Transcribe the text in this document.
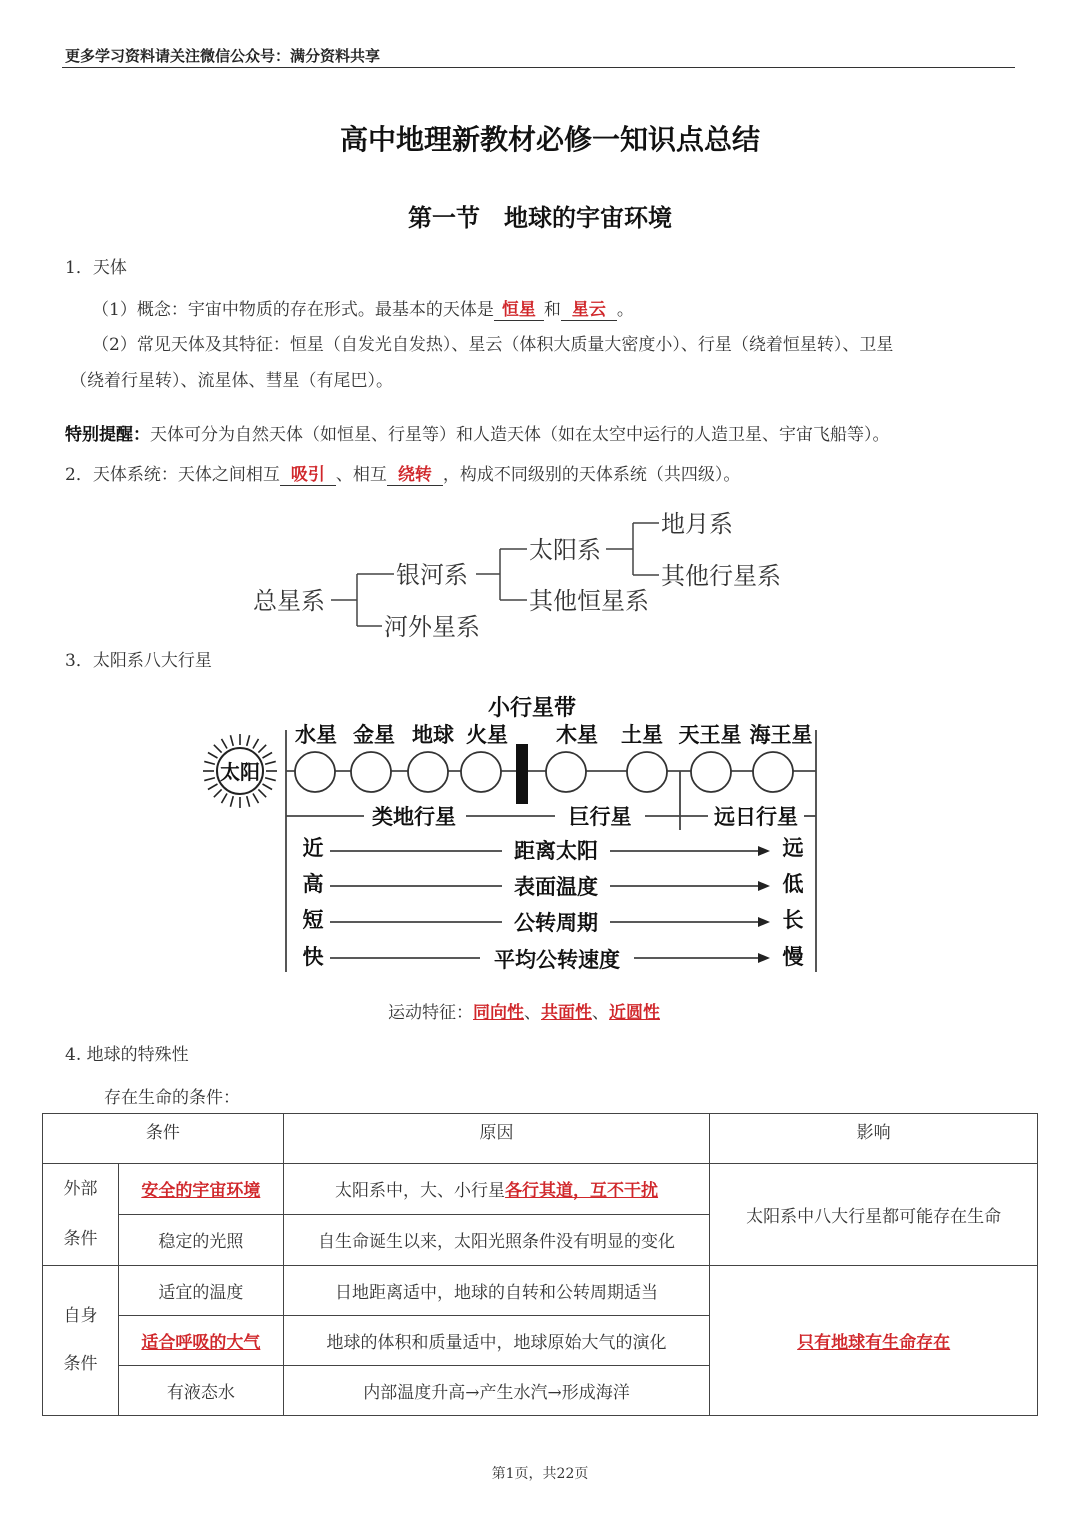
更多学习资料请关注微信公众号：满分资料共享
高中地理新教材必修一知识点总结
第一节　地球的宇宙环境
1．天体
（1）概念：宇宙中物质的存在形式。最基本的天体是 恒星 和 星云 。
（2）常见天体及其特征：恒星（自发光自发热）、星云（体积大质量大密度小）、行星（绕着恒星转）、卫星
（绕着行星转）、流星体、彗星（有尾巴）。
特别提醒：天体可分为自然天体（如恒星、行星等）和人造天体（如在太空中运行的人造卫星、宇宙飞船等）。
2．天体系统：天体之间相互 吸引 、相互 绕转 ，构成不同级别的天体系统（共四级）。
总星系
银河系
河外星系
太阳系
其他恒星系
地月系
其他行星系
3．太阳系八大行星
太阳
小行星带
水星 金星 地球 火星 木星 土星 天王星 海王星
类地行星	巨行星	远日行星
近	距离太阳	远
高	表面温度	低
短	公转周期	长
快	平均公转速度	慢
运动特征：同向性、共面性、近圆性
4. 地球的特殊性
存在生命的条件：
条件		原因	影响
外部
条件	安全的宇宙环境	太阳系中，大、小行星各行其道，互不干扰	太阳系中八大行星都可能存在生命
	稳定的光照	自生命诞生以来，太阳光照条件没有明显的变化	
自身
条件	适宜的温度	日地距离适中，地球的自转和公转周期适当	只有地球有生命存在
	适合呼吸的大气	地球的体积和质量适中，地球原始大气的演化	
	有液态水	内部温度升高→产生水汽→形成海洋	
第1页，共22页
